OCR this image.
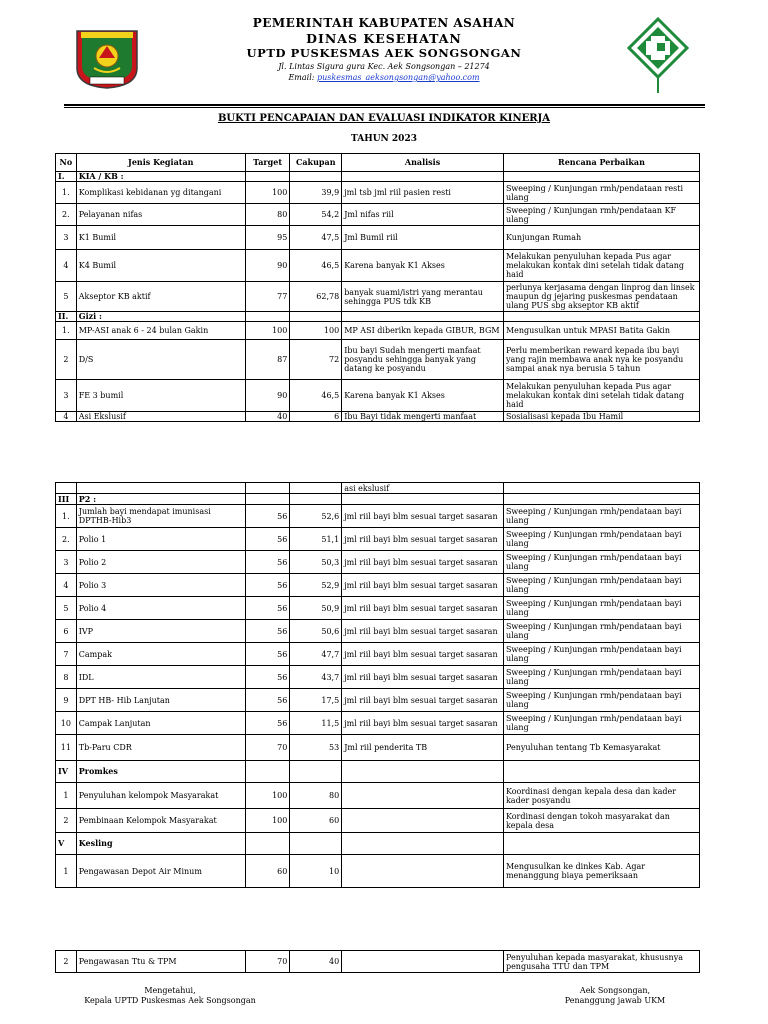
PEMERINTAH KABUPATEN ASAHAN
DINAS KESEHATAN
UPTD PUSKESMAS AEK SONGSONGAN
Jl. Lintas Sigura gura Kec. Aek Songsongan – 21274
Email: puskesmas_aeksongsongan@yahoo.com
BUKTI PENCAPAIAN DAN EVALUASI INDIKATOR KINERJA
TAHUN 2023
No	Jenis Kegiatan	Target	Cakupan	Analisis	Rencana Perbaikan
I.	KIA / KB :				
1.	Komplikasi kebidanan yg ditangani	100	39,9	jml tsb jml riil pasien resti	Sweeping / Kunjungan rmh/pendataan resti ulang
2.	Pelayanan nifas	80	54,2	Jml nifas riil	Sweeping / Kunjungan rmh/pendataan KF ulang
3	K1 Bumil	95	47,5	Jml Bumil riil	Kunjungan Rumah
4	K4 Bumil	90	46,5	Karena banyak K1 Akses	Melakukan penyuluhan kepada Pus agar melakukan kontak dini setelah tidak datang haid
5	Akseptor KB aktif	77	62,78	banyak suami/istri yang merantau sehingga PUS tdk KB	perlunya kerjasama dengan linprog dan linsek maupun dg jejaring puskesmas pendataan ulang PUS sbg akseptor KB aktif
II.	Gizi :				
1.	MP-ASI anak 6 - 24 bulan Gakin	100	100	MP ASI diberikn kepada GIBUR, BGM	Mengusulkan untuk MPASI Batita Gakin
2	D/S	87	72	Ibu bayi Sudah mengerti manfaat posyandu sehingga banyak yang datang ke posyandu	Perlu memberikan reward kepada ibu bayi yang rajin membawa anak nya ke posyandu sampai anak nya berusia 5 tahun
3	FE 3 bumil	90	46,5	Karena banyak K1 Akses	Melakukan penyuluhan kepada Pus agar melakukan kontak dini setelah tidak datang haid
4	Asi Ekslusif	40	6	Ibu Bayi tidak mengerti manfaat	Sosialisasi kepada Ibu Hamil
				asi ekslusif	
III	P2 :				
1.	Jumlah bayi mendapat imunisasi DPTHB-Hib3	56	52,6	jml riil bayi blm sesuai target sasaran	Sweeping / Kunjungan rmh/pendataan bayi ulang
2.	Polio 1	56	51,1	jml riil bayi blm sesuai target sasaran	Sweeping / Kunjungan rmh/pendataan bayi ulang
3	Polio 2	56	50,3	jml riil bayi blm sesuai target sasaran	Sweeping / Kunjungan rmh/pendataan bayi ulang
4	Polio 3	56	52,9	jml riil bayi blm sesuai target sasaran	Sweeping / Kunjungan rmh/pendataan bayi ulang
5	Polio 4	56	50,9	jml riil bayi blm sesuai target sasaran	Sweeping / Kunjungan rmh/pendataan bayi ulang
6	IVP	56	50,6	jml riil bayi blm sesuai target sasaran	Sweeping / Kunjungan rmh/pendataan bayi ulang
7	Campak	56	47,7	jml riil bayi blm sesuai target sasaran	Sweeping / Kunjungan rmh/pendataan bayi ulang
8	IDL	56	43,7	jml riil bayi blm sesuai target sasaran	Sweeping / Kunjungan rmh/pendataan bayi ulang
9	DPT HB- Hib Lanjutan	56	17,5	jml riil bayi blm sesuai target sasaran	Sweeping / Kunjungan rmh/pendataan bayi ulang
10	Campak Lanjutan	56	11,5	jml riil bayi blm sesuai target sasaran	Sweeping / Kunjungan rmh/pendataan bayi ulang
11	Tb-Paru CDR	70	53	Jml riil penderita TB	Penyuluhan tentang Tb Kemasyarakat
IV	Promkes				
1	Penyuluhan kelompok Masyarakat	100	80		Koordinasi dengan kepala desa dan kader kader posyandu
2	Pembinaan Kelompok Masyarakat	100	60		Kordinasi dengan tokoh masyarakat dan kepala desa
V	Kesling				
1	Pengawasan Depot Air Minum	60	10		Mengusulkan ke dinkes Kab. Agar menanggung biaya pemeriksaan
2	Pengawasan Ttu & TPM	70	40		Penyuluhan kepada masyarakat, khususnya pengusaha TTU dan TPM
Mengetahui,
Kepala UPTD Puskesmas Aek Songsongan
Aek Songsongan,
Penanggung jawab UKM
